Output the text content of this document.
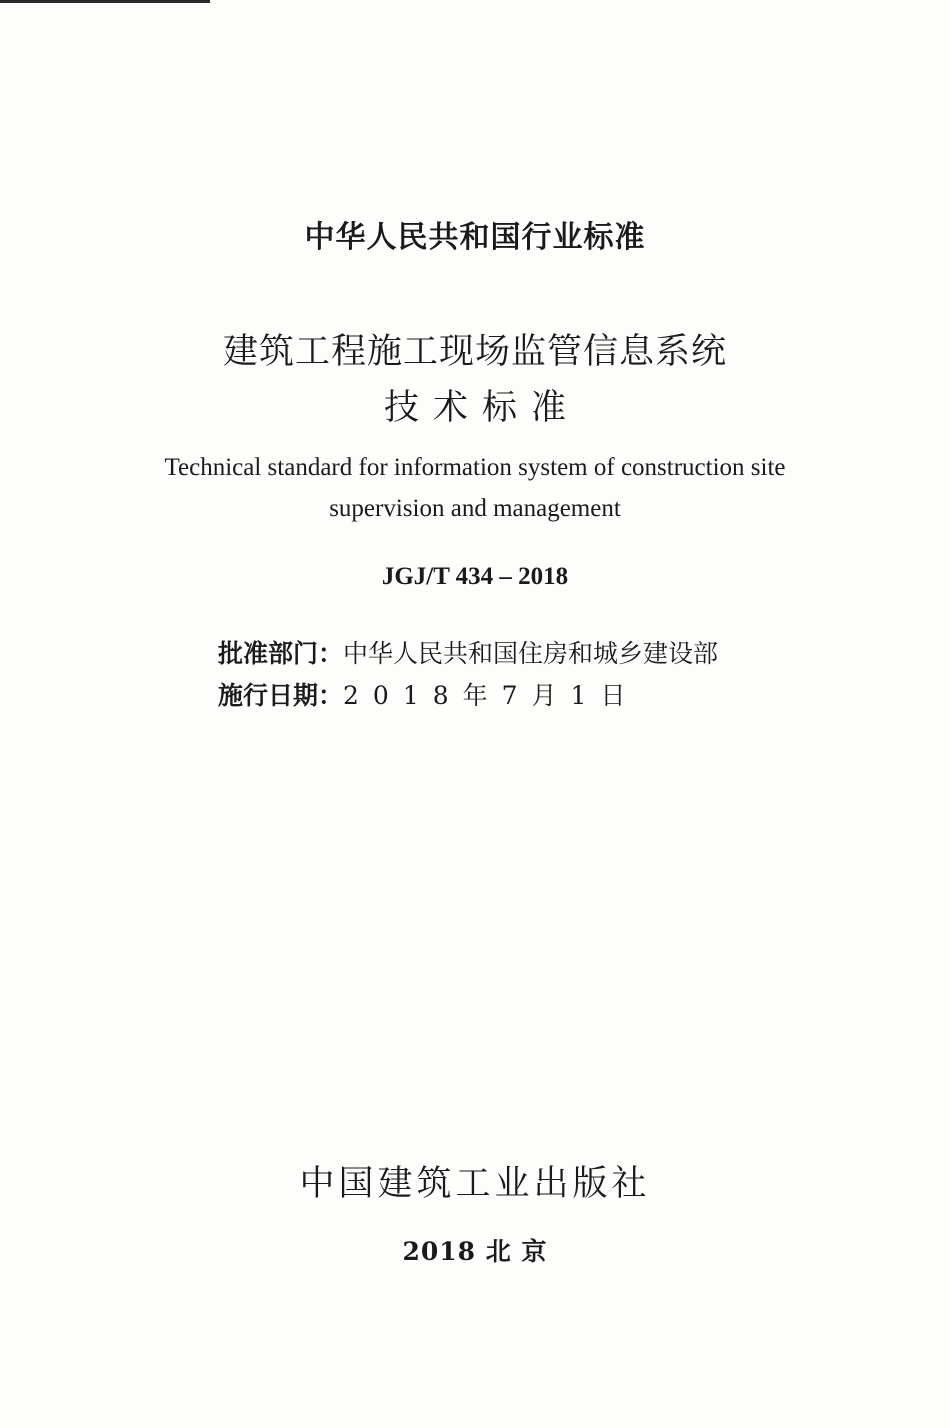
中华人民共和国行业标准
建筑工程施工现场监管信息系统
技术标准
Technical standard for information system of construction site
supervision and management
JGJ/T 434 – 2018
批准部门：中华人民共和国住房和城乡建设部
施行日期：2018年7月1日
中国建筑工业出版社
2018 北 京
